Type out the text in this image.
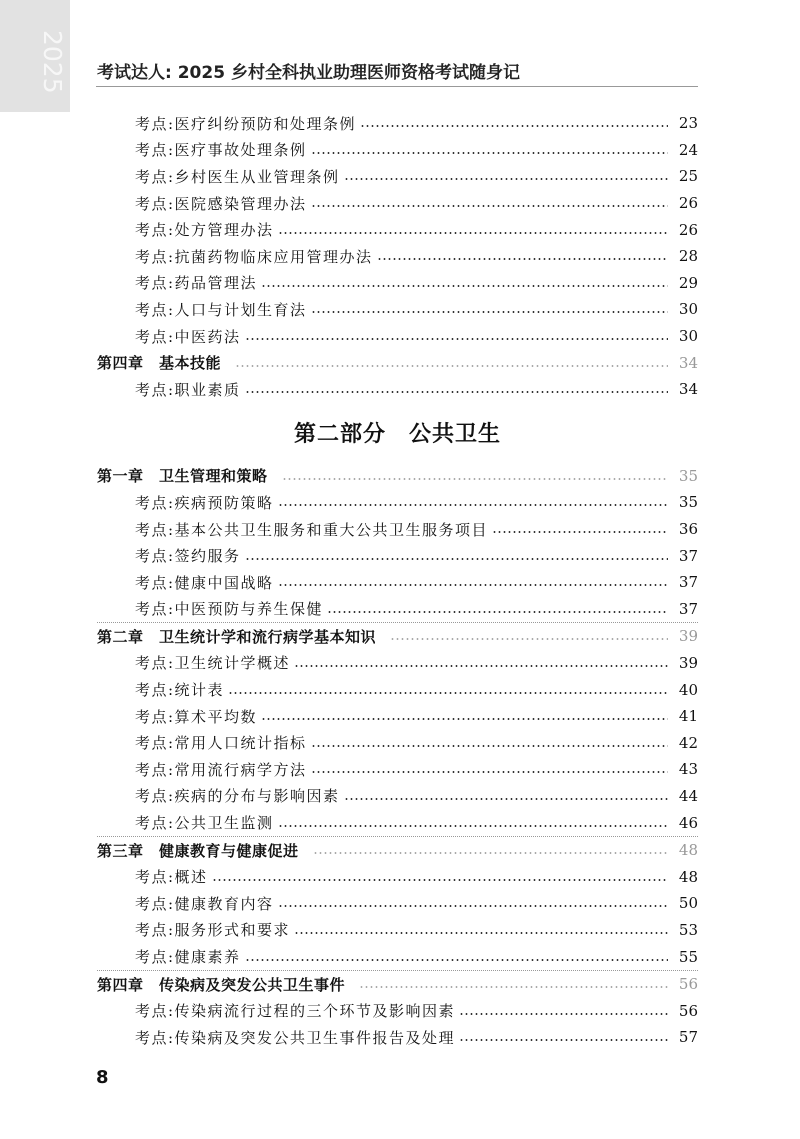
2025 考试达人: 2025 乡村全科执业助理医师资格考试随身记
考点:医疗纠纷预防和处理条例	23
考点:医疗事故处理条例	24
考点:乡村医生从业管理条例	25
考点:医院感染管理办法	26
考点:处方管理办法	26
考点:抗菌药物临床应用管理办法	28
考点:药品管理法	29
考点:人口与计划生育法	30
考点:中医药法	30
第四章　基本技能	34
考点:职业素质	34
第二部分　公共卫生
第一章　卫生管理和策略	35
考点:疾病预防策略	35
考点:基本公共卫生服务和重大公共卫生服务项目	36
考点:签约服务	37
考点:健康中国战略	37
考点:中医预防与养生保健	37
第二章　卫生统计学和流行病学基本知识	39
考点:卫生统计学概述	39
考点:统计表	40
考点:算术平均数	41
考点:常用人口统计指标	42
考点:常用流行病学方法	43
考点:疾病的分布与影响因素	44
考点:公共卫生监测	46
第三章　健康教育与健康促进	48
考点:概述	48
考点:健康教育内容	50
考点:服务形式和要求	53
考点:健康素养	55
第四章　传染病及突发公共卫生事件	56
考点:传染病流行过程的三个环节及影响因素	56
考点:传染病及突发公共卫生事件报告及处理	57
8
